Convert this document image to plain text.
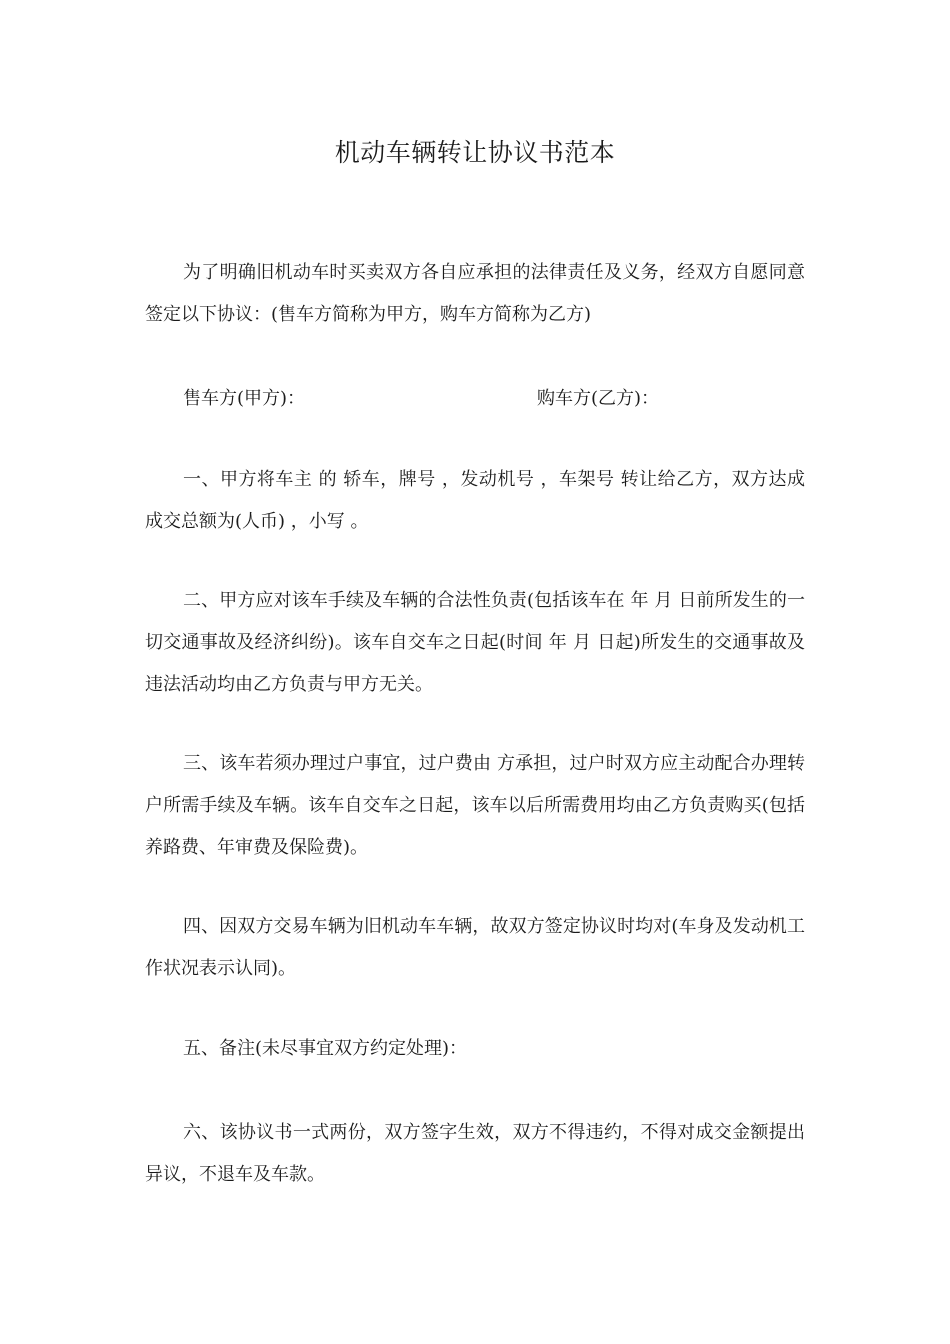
机动车辆转让协议书范本

为了明确旧机动车时买卖双方各自应承担的法律责任及义务，经双方自愿同意签定以下协议：(售车方简称为甲方，购车方简称为乙方)

售车方(甲方)：	购车方(乙方)：

一、甲方将车主 的 轿车，牌号 ，发动机号 ，车架号 转让给乙方，双方达成成交总额为(人币) ，小写 。

二、甲方应对该车手续及车辆的合法性负责(包括该车在 年 月 日前所发生的一切交通事故及经济纠纷)。该车自交车之日起(时间 年 月 日起)所发生的交通事故及违法活动均由乙方负责与甲方无关。

三、该车若须办理过户事宜，过户费由 方承担，过户时双方应主动配合办理转户所需手续及车辆。该车自交车之日起，该车以后所需费用均由乙方负责购买(包括养路费、年审费及保险费)。

四、因双方交易车辆为旧机动车车辆，故双方签定协议时均对(车身及发动机工作状况表示认同)。

五、备注(未尽事宜双方约定处理)：

六、该协议书一式两份，双方签字生效，双方不得违约，不得对成交金额提出异议，不退车及车款。
